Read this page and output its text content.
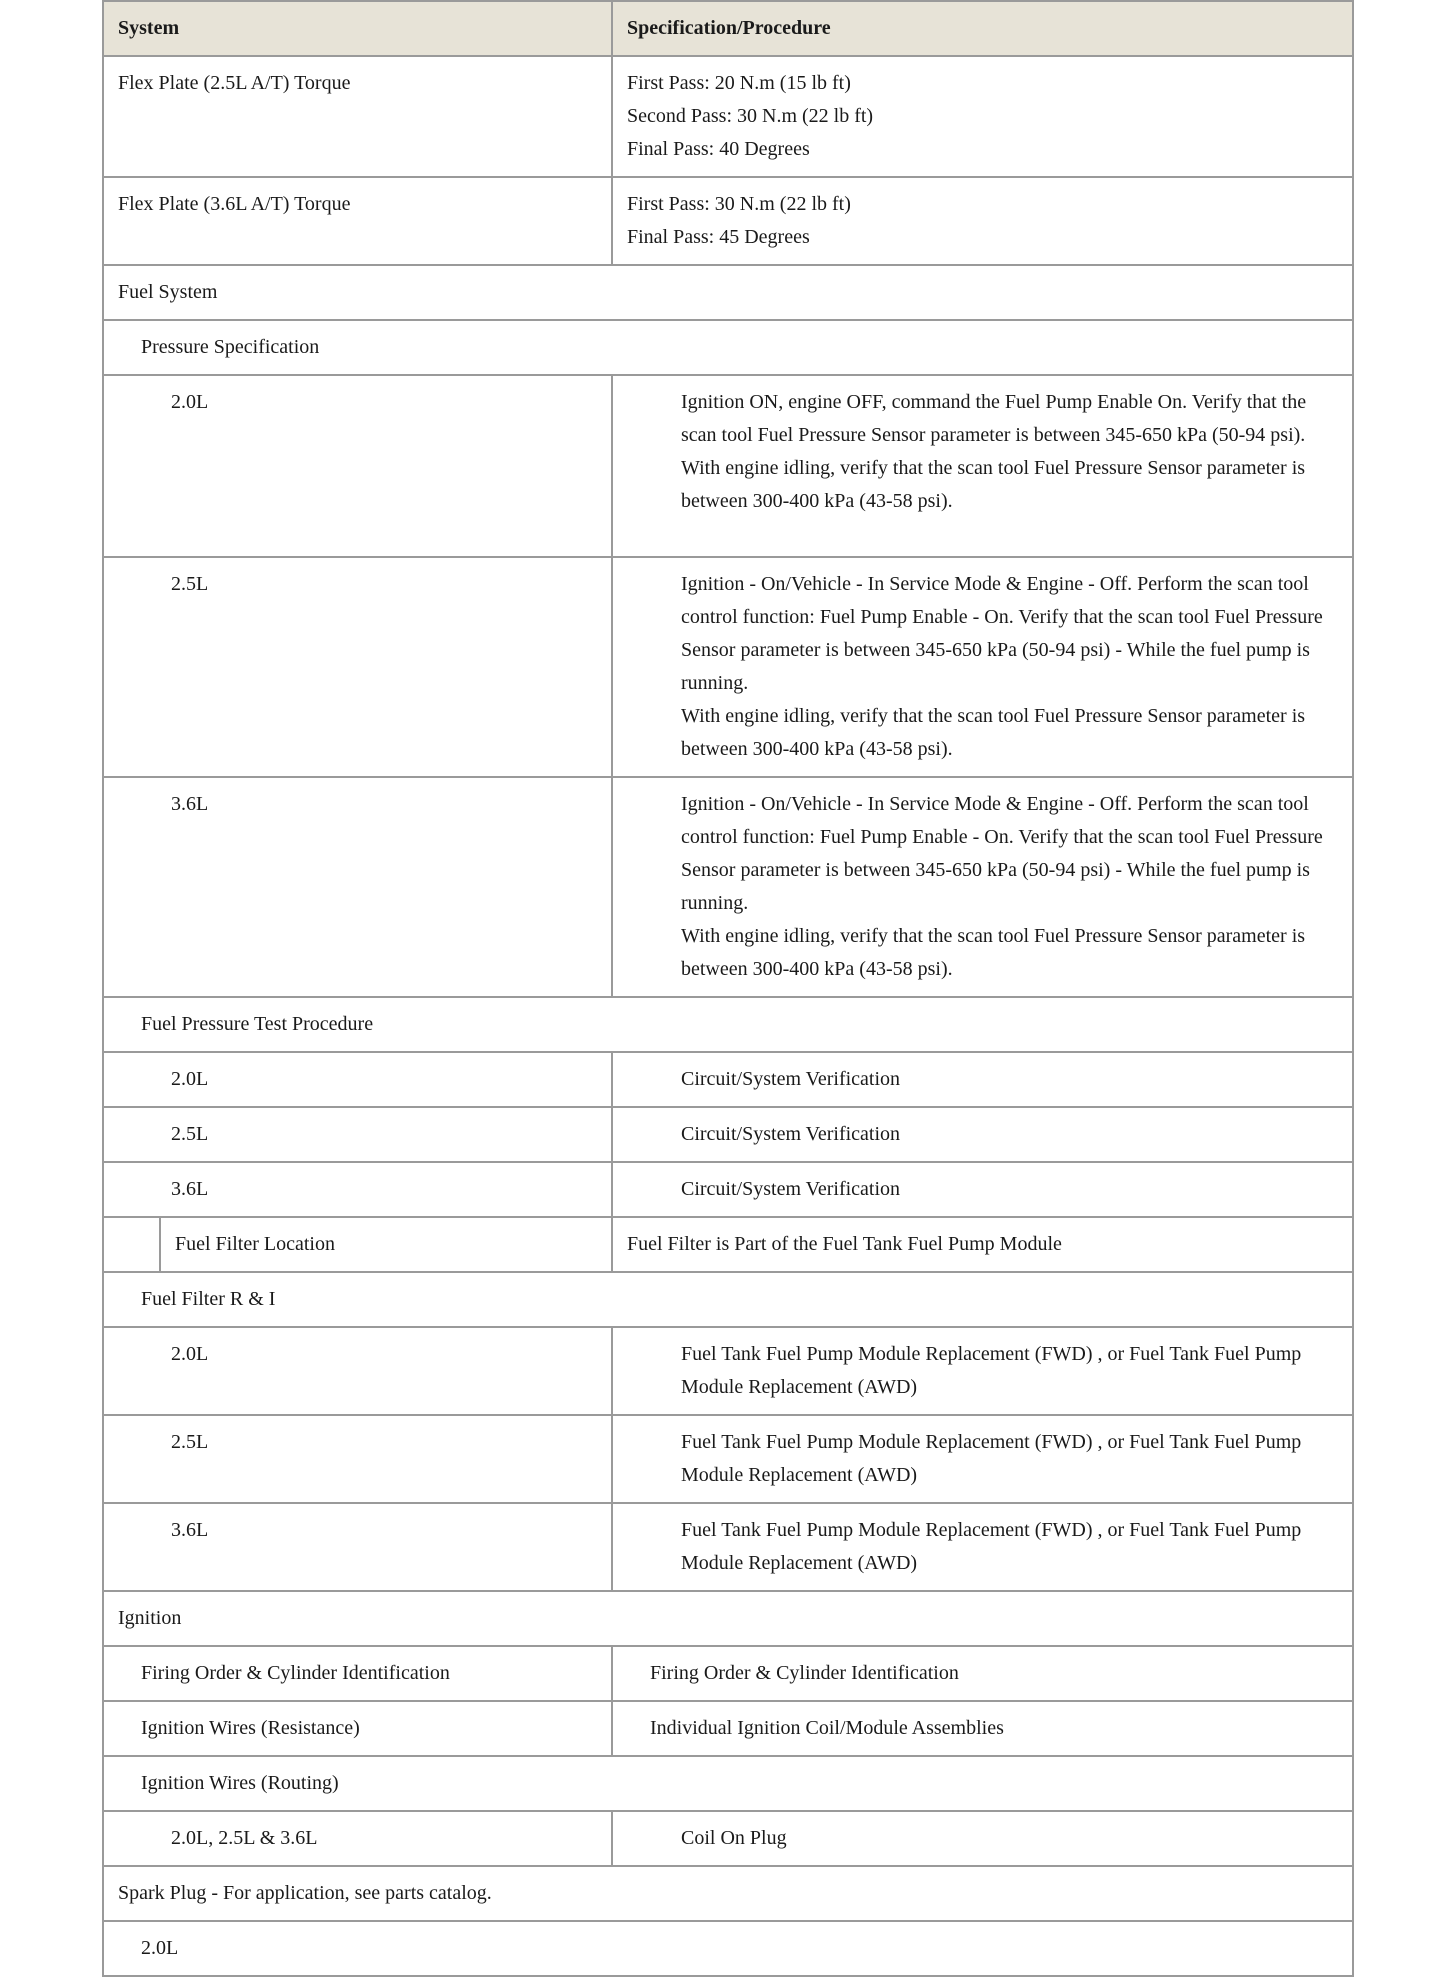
System	Specification/Procedure
Flex Plate (2.5L A/T) Torque	First Pass: 20 N.m (15 lb ft)
Second Pass: 30 N.m (22 lb ft)
Final Pass: 40 Degrees

Flex Plate (3.6L A/T) Torque	First Pass: 30 N.m (22 lb ft)
Final Pass: 45 Degrees

Fuel System	
Pressure Specification	
2.0L	Ignition ON, engine OFF, command the Fuel Pump Enable On. Verify that the scan tool Fuel Pressure Sensor parameter is between 345-650 kPa (50-94 psi).
With engine idling, verify that the scan tool Fuel Pressure Sensor parameter is between 300-400 kPa (43-58 psi).

2.5L	Ignition - On/Vehicle - In Service Mode & Engine - Off. Perform the scan tool control function: Fuel Pump Enable - On. Verify that the scan tool Fuel Pressure Sensor parameter is between 345-650 kPa (50-94 psi) - While the fuel pump is running.
With engine idling, verify that the scan tool Fuel Pressure Sensor parameter is between 300-400 kPa (43-58 psi).

3.6L	Ignition - On/Vehicle - In Service Mode & Engine - Off. Perform the scan tool control function: Fuel Pump Enable - On. Verify that the scan tool Fuel Pressure Sensor parameter is between 345-650 kPa (50-94 psi) - While the fuel pump is running.
With engine idling, verify that the scan tool Fuel Pressure Sensor parameter is between 300-400 kPa (43-58 psi).

Fuel Pressure Test Procedure	
2.0L	Circuit/System Verification
2.5L	Circuit/System Verification
3.6L	Circuit/System Verification

Fuel Filter Location	Fuel Filter is Part of the Fuel Tank Fuel Pump Module
Fuel Filter R & I	
2.0L	Fuel Tank Fuel Pump Module Replacement (FWD) , or Fuel Tank Fuel Pump Module Replacement (AWD)
2.5L	Fuel Tank Fuel Pump Module Replacement (FWD) , or Fuel Tank Fuel Pump Module Replacement (AWD)
3.6L	Fuel Tank Fuel Pump Module Replacement (FWD) , or Fuel Tank Fuel Pump Module Replacement (AWD)
Ignition	
Firing Order & Cylinder Identification	Firing Order & Cylinder Identification
Ignition Wires (Resistance)	Individual Ignition Coil/Module Assemblies
Ignition Wires (Routing)	
2.0L, 2.5L & 3.6L	Coil On Plug
Spark Plug - For application, see parts catalog.	
2.0L	
